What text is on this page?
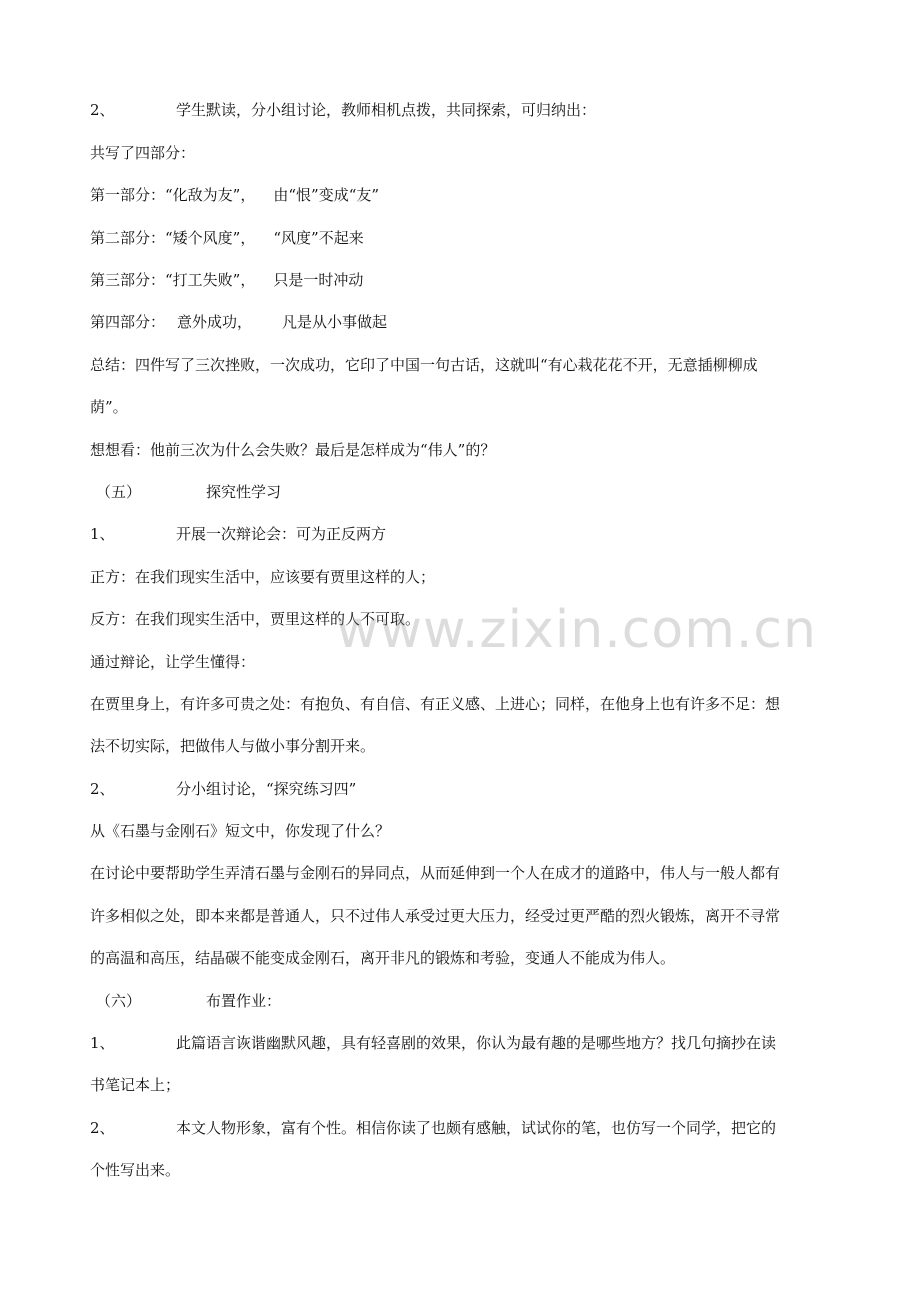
2、	学生默读，分小组讨论，教师相机点拨，共同探索，可归纳出：
共写了四部分：
第一部分：“化敌为友”， 由“恨”变成“友”
第二部分：“矮个风度”， “风度”不起来
第三部分：“打工失败”， 只是一时冲动
第四部分： 意外成功， 凡是从小事做起
总结：四件写了三次挫败，一次成功，它印了中国一句古话，这就叫“有心栽花花不开，无意插柳柳成
荫”。
想想看：他前三次为什么会失败？最后是怎样成为“伟人”的？
（五）	探究性学习
1、	开展一次辩论会：可为正反两方
正方：在我们现实生活中，应该要有贾里这样的人；
反方：在我们现实生活中，贾里这样的人不可取。
通过辩论，让学生懂得：
在贾里身上，有许多可贵之处：有抱负、有自信、有正义感、上进心；同样，在他身上也有许多不足：想
法不切实际，把做伟人与做小事分割开来。
2、	分小组讨论，“探究练习四”
从《石墨与金刚石》短文中，你发现了什么？
在讨论中要帮助学生弄清石墨与金刚石的异同点，从而延伸到一个人在成才的道路中，伟人与一般人都有
许多相似之处，即本来都是普通人，只不过伟人承受过更大压力，经受过更严酷的烈火锻炼，离开不寻常
的高温和高压，结晶碳不能变成金刚石，离开非凡的锻炼和考验，变通人不能成为伟人。
（六）	布置作业：
1、	此篇语言诙谐幽默风趣，具有轻喜剧的效果，你认为最有趣的是哪些地方？找几句摘抄在读
书笔记本上；
2、	本文人物形象，富有个性。相信你读了也颇有感触，试试你的笔，也仿写一个同学，把它的
个性写出来。
www.zixin.com.cn
